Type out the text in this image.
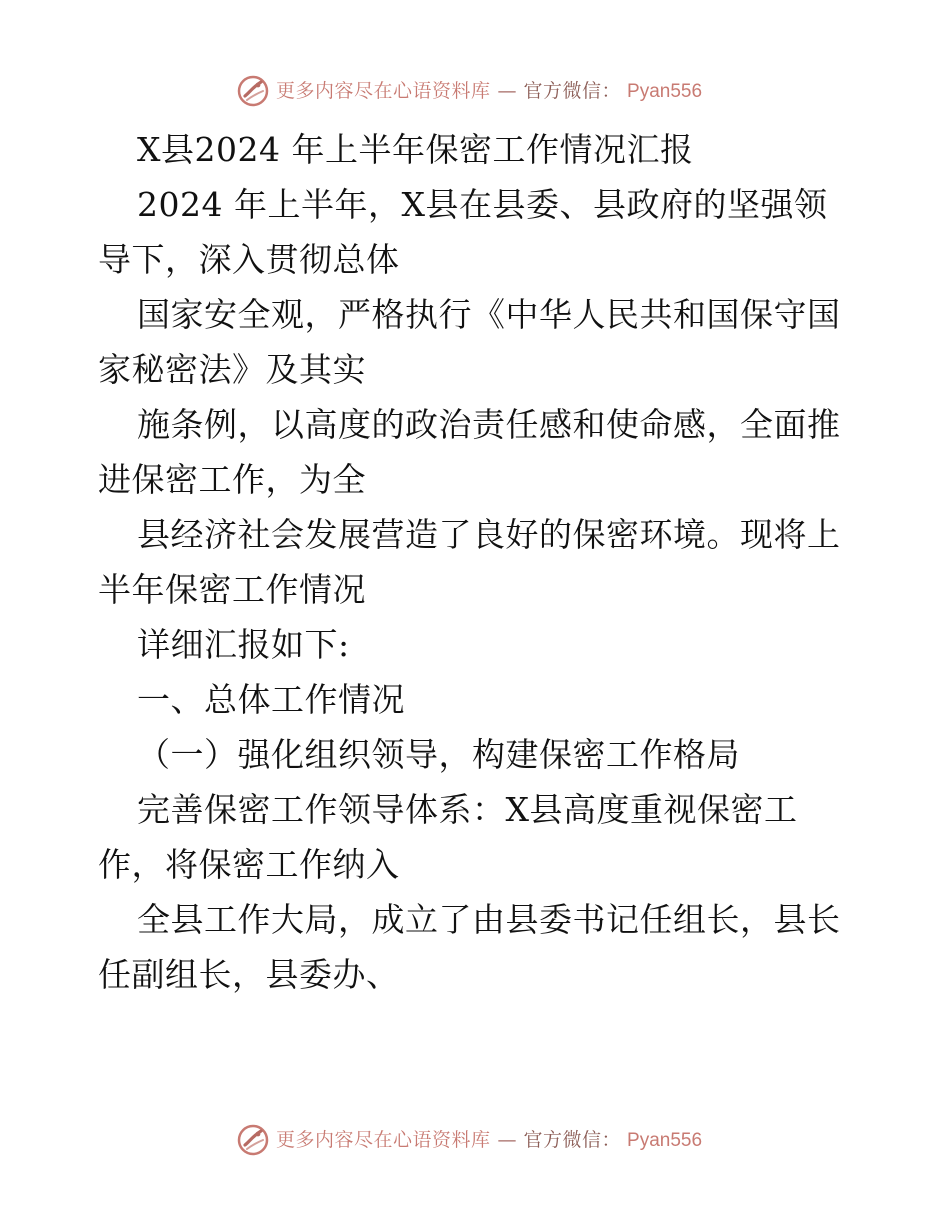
更多内容尽在心语资料库 — 官方微信： Pyan556
X县2024 年上半年保密工作情况汇报
2024 年上半年，X县在县委、县政府的坚强领
导下，深入贯彻总体
国家安全观，严格执行《中华人民共和国保守国
家秘密法》及其实
施条例，以高度的政治责任感和使命感，全面推
进保密工作，为全
县经济社会发展营造了良好的保密环境。现将上
半年保密工作情况
详细汇报如下:
一、总体工作情况
（一）强化组织领导，构建保密工作格局
完善保密工作领导体系：X县高度重视保密工
作，将保密工作纳入
全县工作大局，成立了由县委书记任组长，县长
任副组长，县委办、
更多内容尽在心语资料库 — 官方微信： Pyan556
